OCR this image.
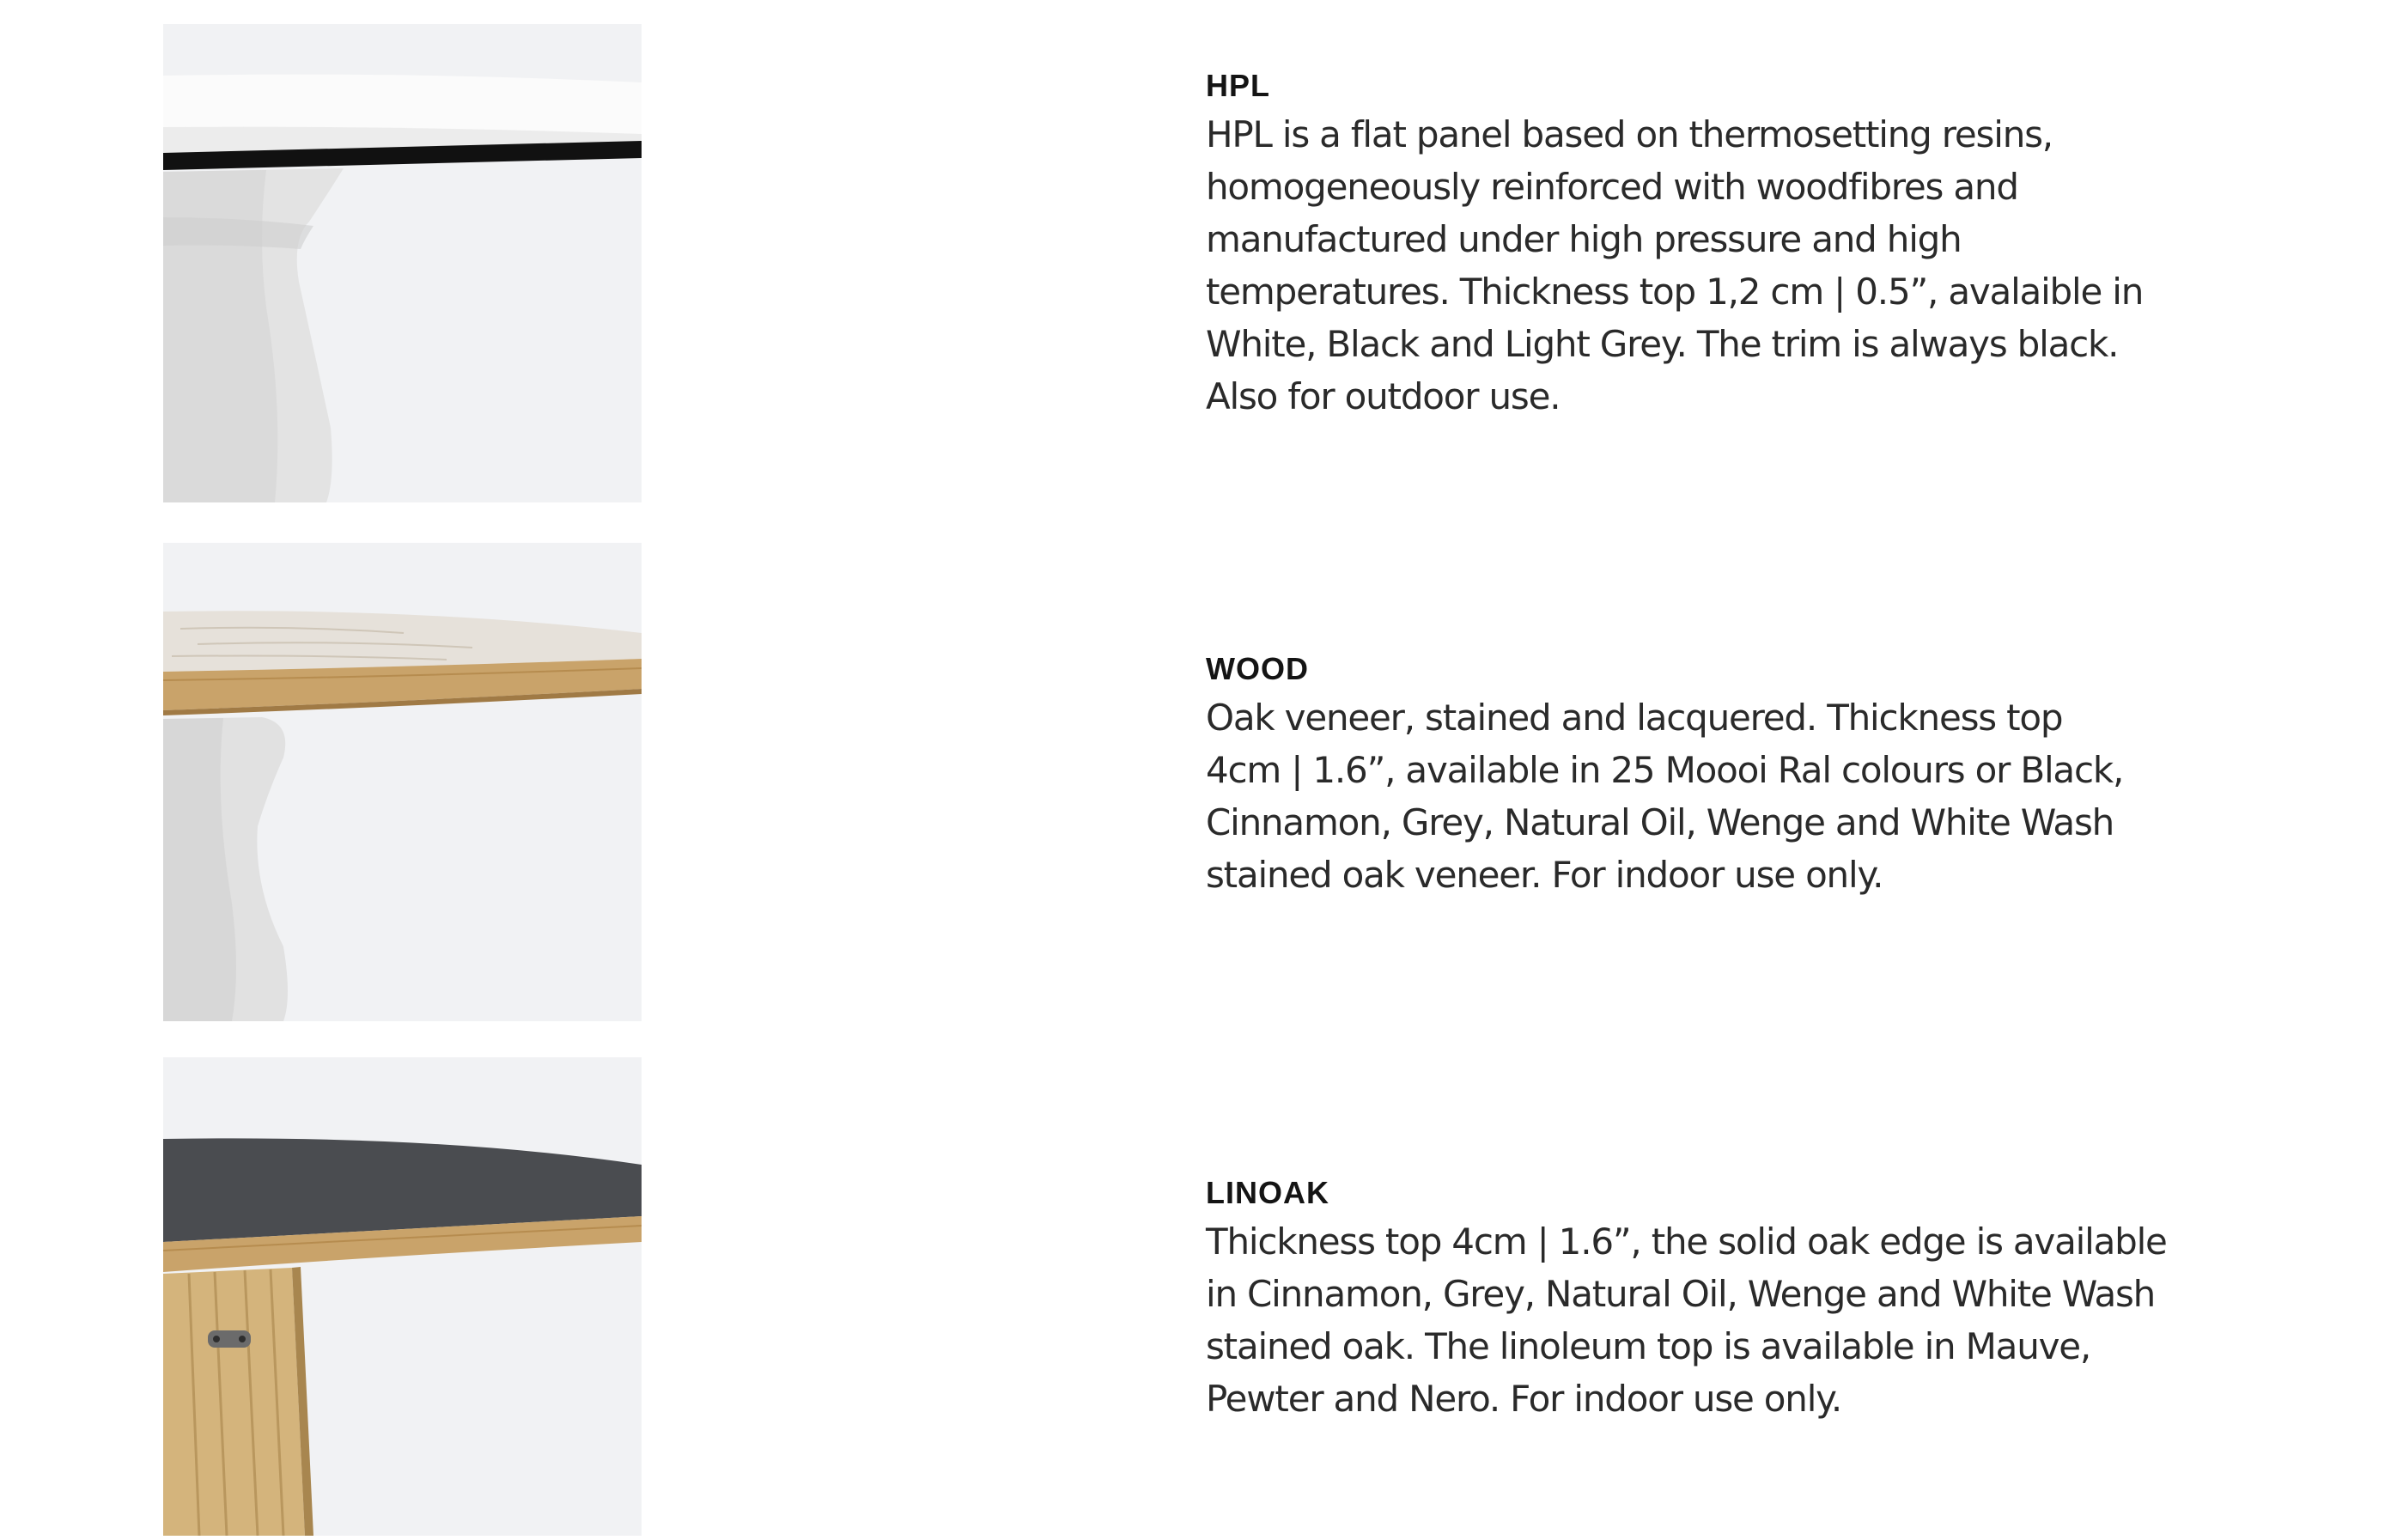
HPL

HPL is a flat panel based on thermosetting resins,
homogeneously reinforced with woodfibres and
manufactured under high pressure and high
temperatures. Thickness top 1,2 cm | 0.5”, avalaible in
White, Black and Light Grey. The trim is always black.
Also for outdoor use.

WOOD

Oak veneer, stained and lacquered. Thickness top
4cm | 1.6”, available in 25 Moooi Ral colours or Black,
Cinnamon, Grey, Natural Oil, Wenge and White Wash
stained oak veneer. For indoor use only.

LINOAK

Thickness top 4cm | 1.6”, the solid oak edge is available
in Cinnamon, Grey, Natural Oil, Wenge and White Wash
stained oak. The linoleum top is available in Mauve,
Pewter and Nero. For indoor use only.
